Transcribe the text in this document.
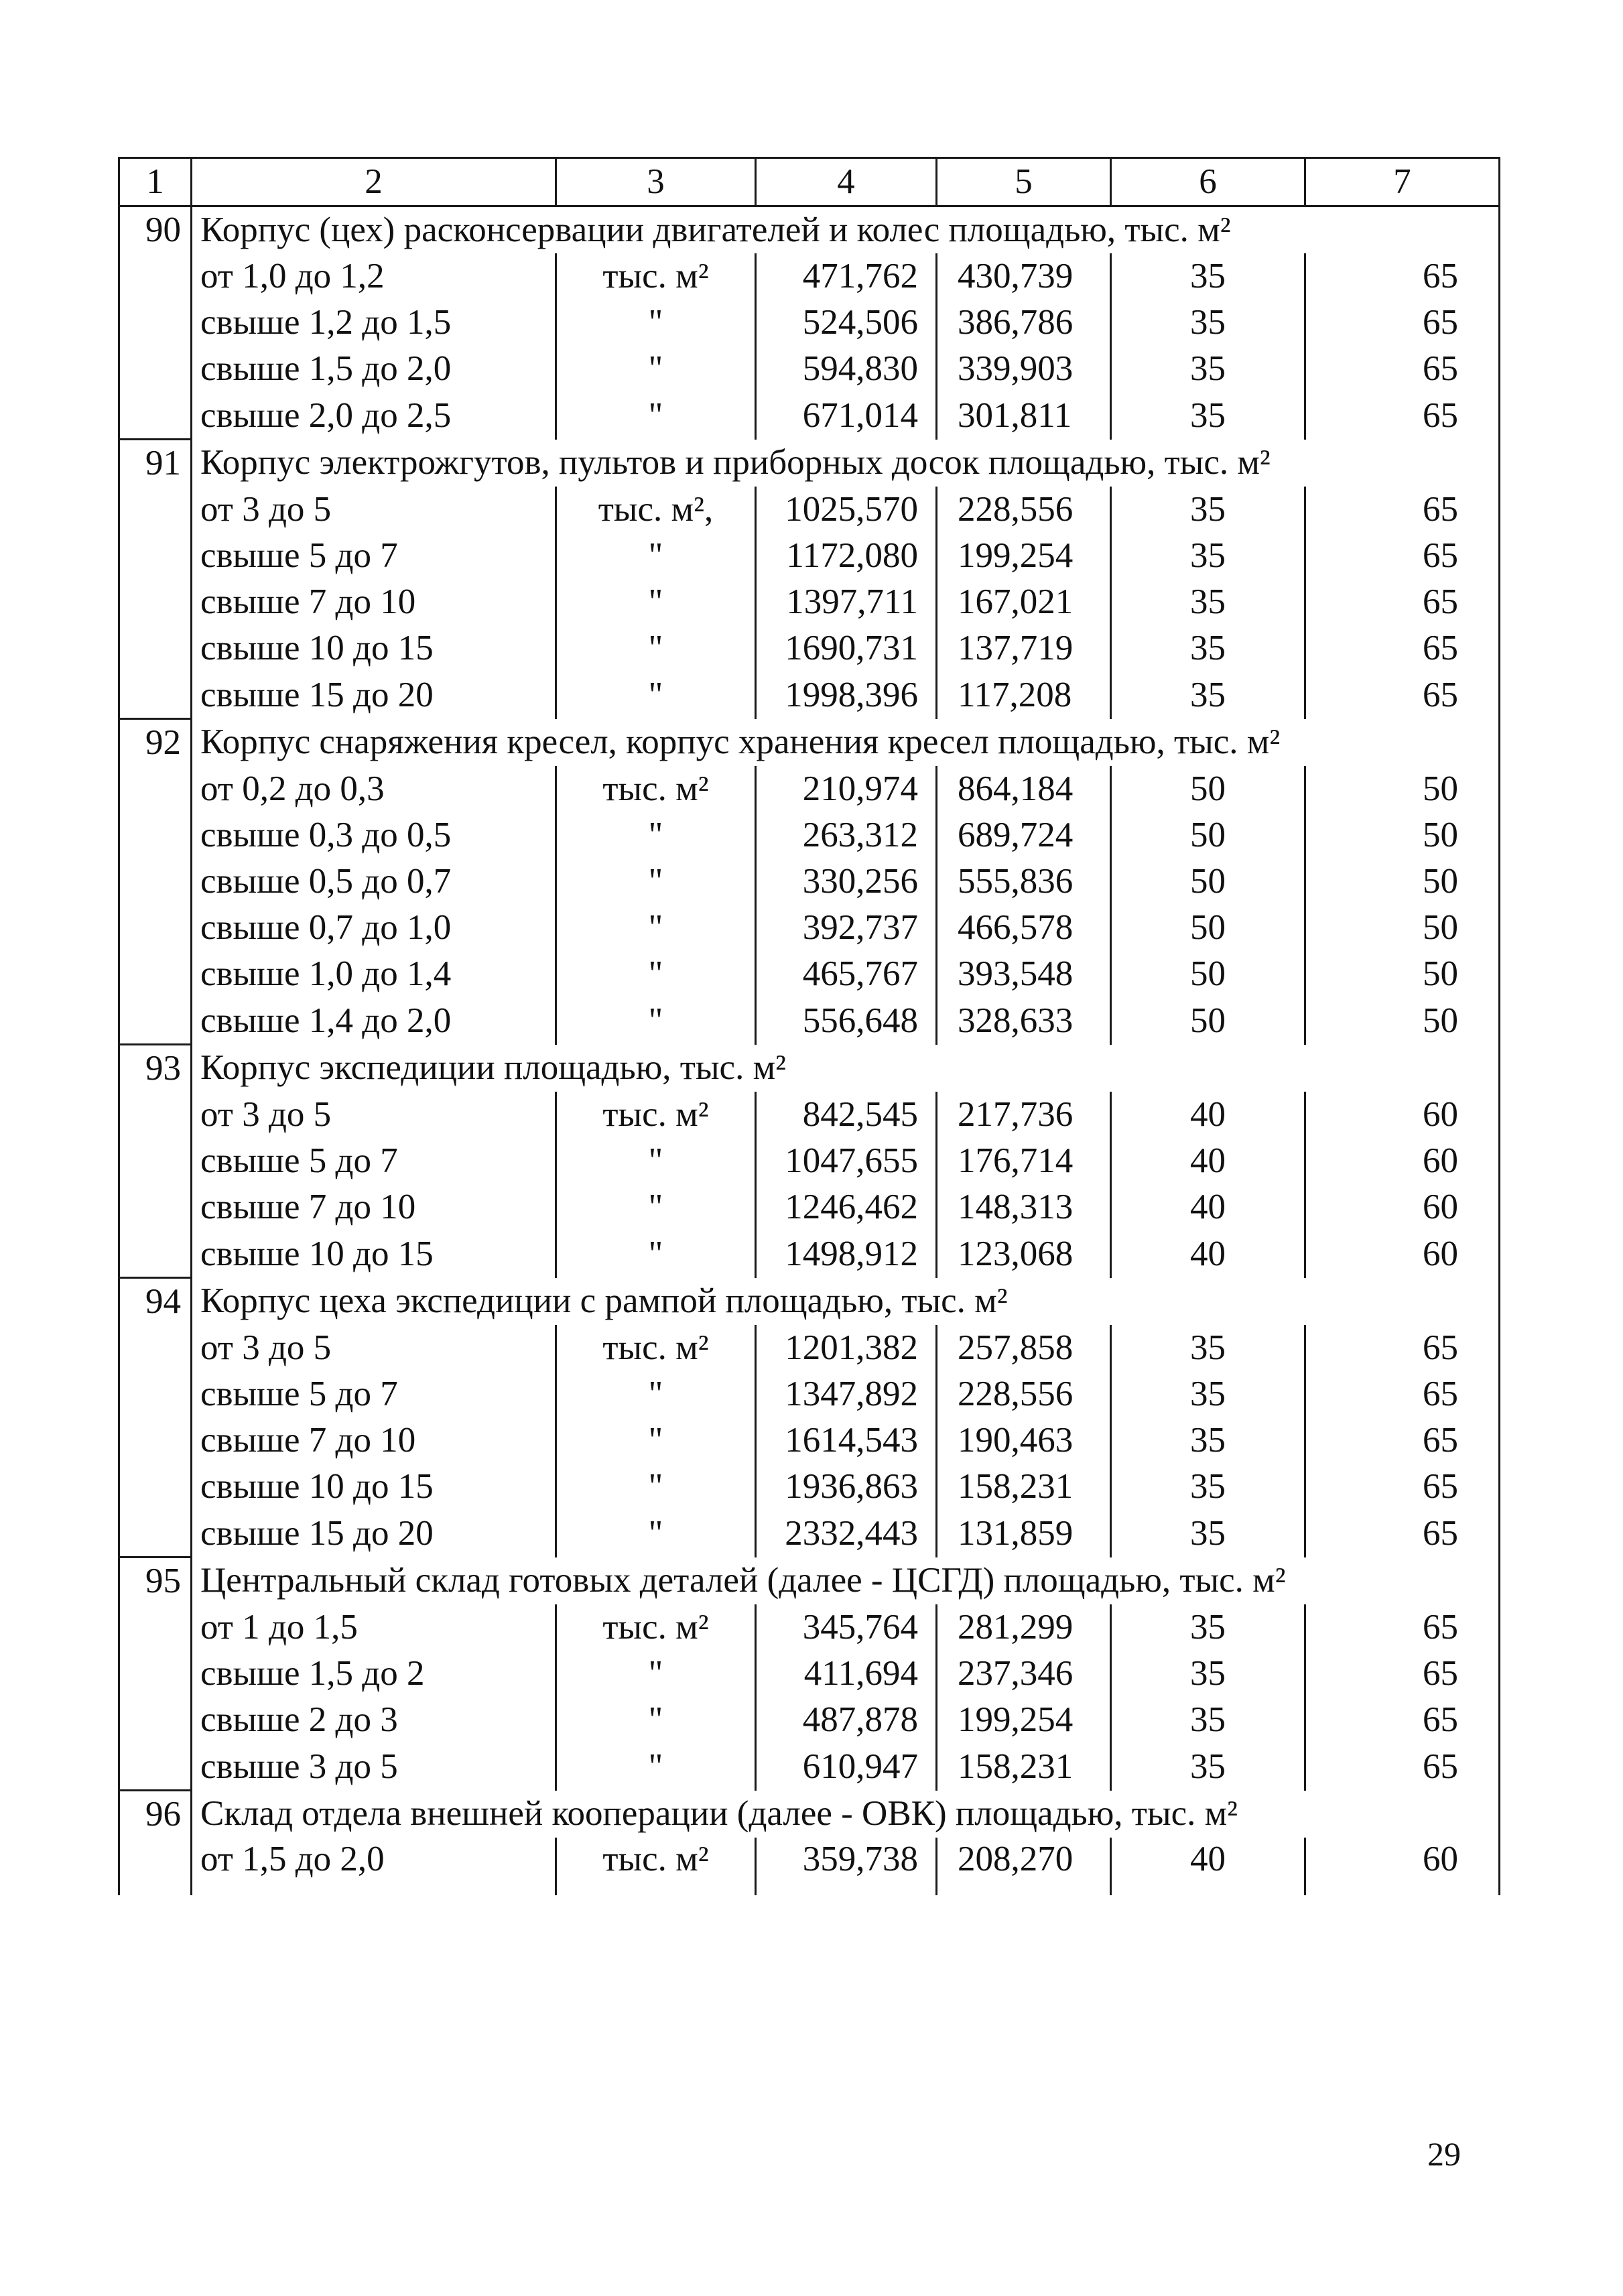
1	2	3	4	5	6	7
90	Корпус (цех) расконсервации двигателей и колес площадью, тыс. м²					
	от 1,0 до 1,2	тыс. м²	471,762	430,739	35	65
	свыше 1,2 до 1,5	"	524,506	386,786	35	65
	свыше 1,5 до 2,0	"	594,830	339,903	35	65
	свыше 2,0 до 2,5	"	671,014	301,811	35	65
91	Корпус электрожгутов, пультов и приборных досок площадью, тыс. м²					
	от 3 до 5	тыс. м²,	1025,570	228,556	35	65
	свыше 5 до 7	"	1172,080	199,254	35	65
	свыше 7 до 10	"	1397,711	167,021	35	65
	свыше 10 до 15	"	1690,731	137,719	35	65
	свыше 15 до 20	"	1998,396	117,208	35	65
92	Корпус снаряжения кресел, корпус хранения кресел площадью, тыс. м²					
	от 0,2 до 0,3	тыс. м²	210,974	864,184	50	50
	свыше 0,3 до 0,5	"	263,312	689,724	50	50
	свыше 0,5 до 0,7	"	330,256	555,836	50	50
	свыше 0,7 до 1,0	"	392,737	466,578	50	50
	свыше 1,0 до 1,4	"	465,767	393,548	50	50
	свыше 1,4 до 2,0	"	556,648	328,633	50	50
93	Корпус экспедиции площадью, тыс. м²					
	от 3 до 5	тыс. м²	842,545	217,736	40	60
	свыше 5 до 7	"	1047,655	176,714	40	60
	свыше 7 до 10	"	1246,462	148,313	40	60
	свыше 10 до 15	"	1498,912	123,068	40	60
94	Корпус цеха экспедиции с рампой площадью, тыс. м²					
	от 3 до 5	тыс. м²	1201,382	257,858	35	65
	свыше 5 до 7	"	1347,892	228,556	35	65
	свыше 7 до 10	"	1614,543	190,463	35	65
	свыше 10 до 15	"	1936,863	158,231	35	65
	свыше 15 до 20	"	2332,443	131,859	35	65
95	Центральный склад готовых деталей (далее - ЦСГД) площадью, тыс. м²					
	от 1 до 1,5	тыс. м²	345,764	281,299	35	65
	свыше 1,5 до 2	"	411,694	237,346	35	65
	свыше 2 до 3	"	487,878	199,254	35	65
	свыше 3 до 5	"	610,947	158,231	35	65
96	Склад отдела внешней кооперации (далее - ОВК) площадью, тыс. м²					
	от 1,5 до 2,0	тыс. м²	359,738	208,270	40	60
29
